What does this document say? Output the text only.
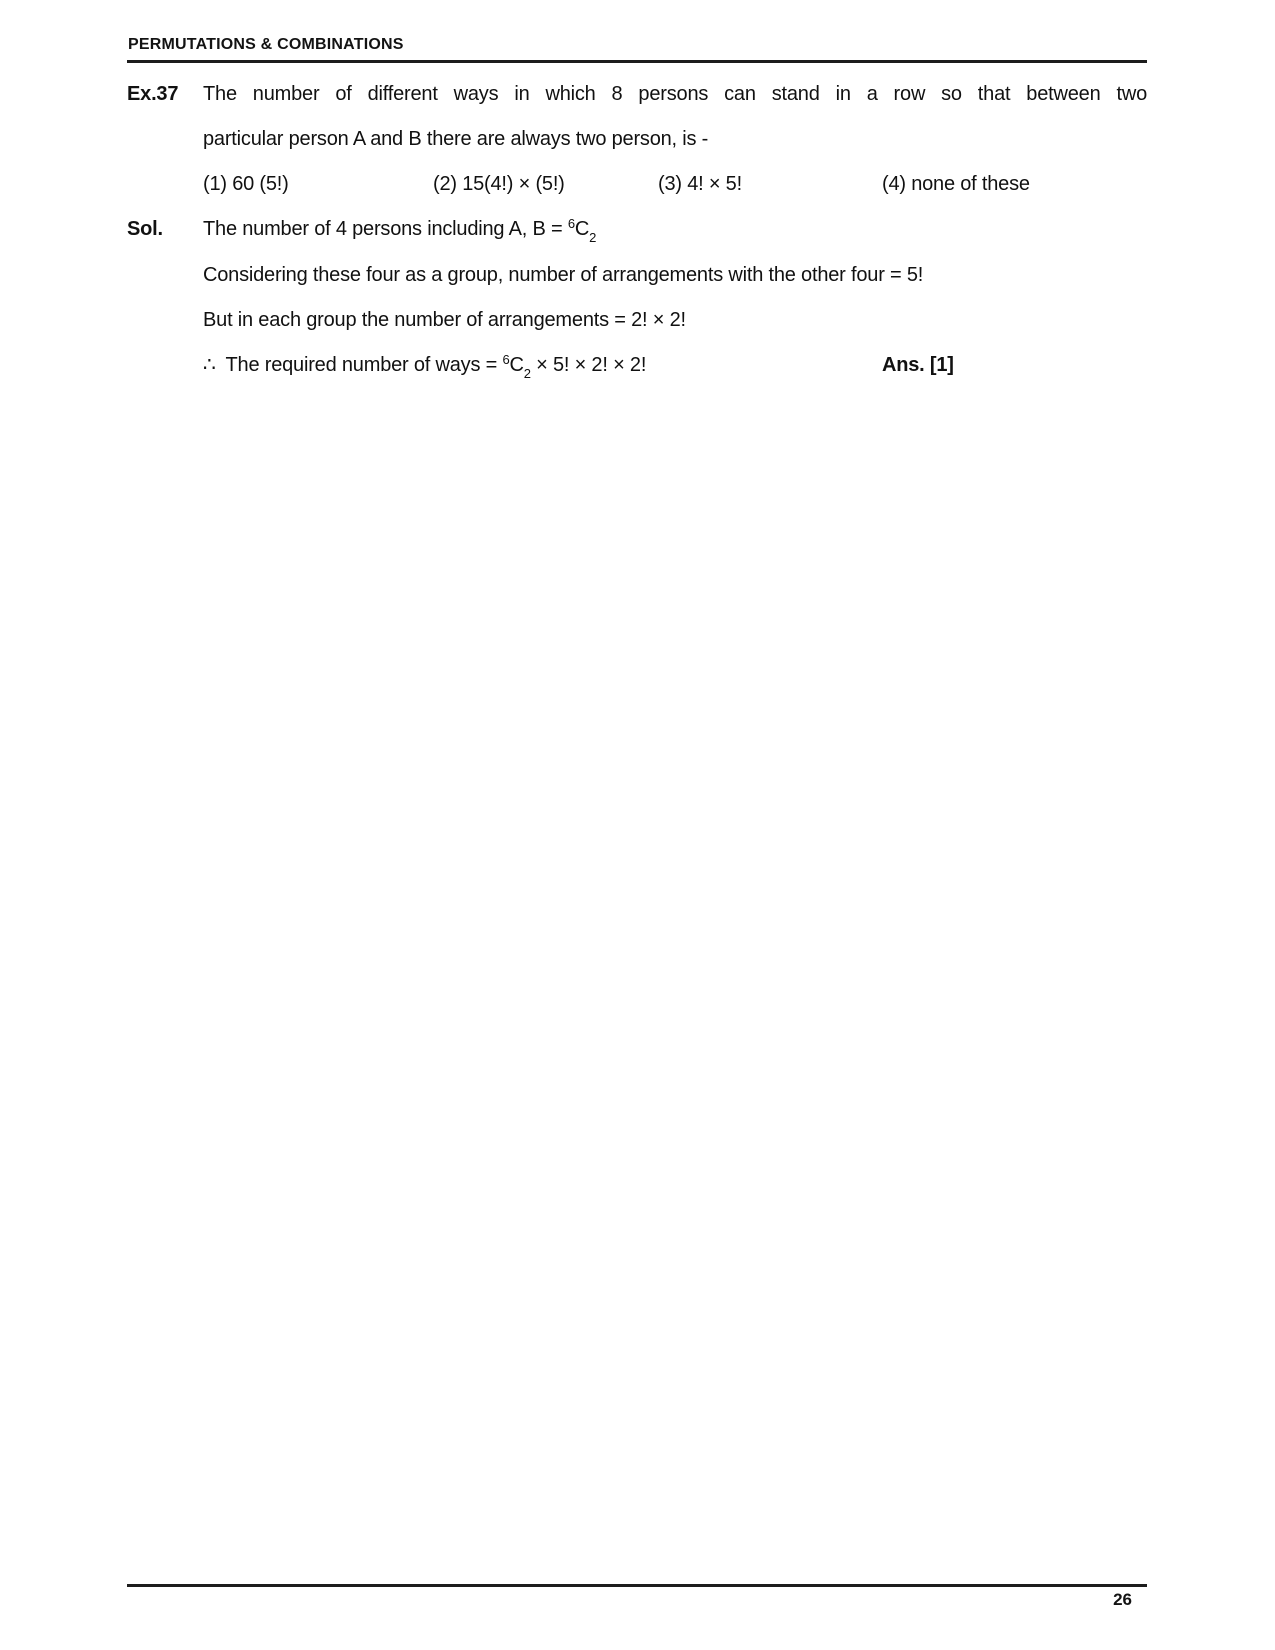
PERMUTATIONS & COMBINATIONS
Ex.37	The number of different ways in which 8 persons can stand in a row so that between two
particular person A and B there are always two person, is -
(1) 60 (5!)	(2) 15(4!) × (5!)	(3) 4! × 5!	(4) none of these
Sol.	The number of 4 persons including A, $B = ^6C_2$
Considering these four as a group, number of arrangements with the other four = 5!
But in each group the number of arrangements = 2! × 2!
∴ The required number of ways = $^6C_2 \times 5$! × 2! × 2!	Ans. [1]
26
